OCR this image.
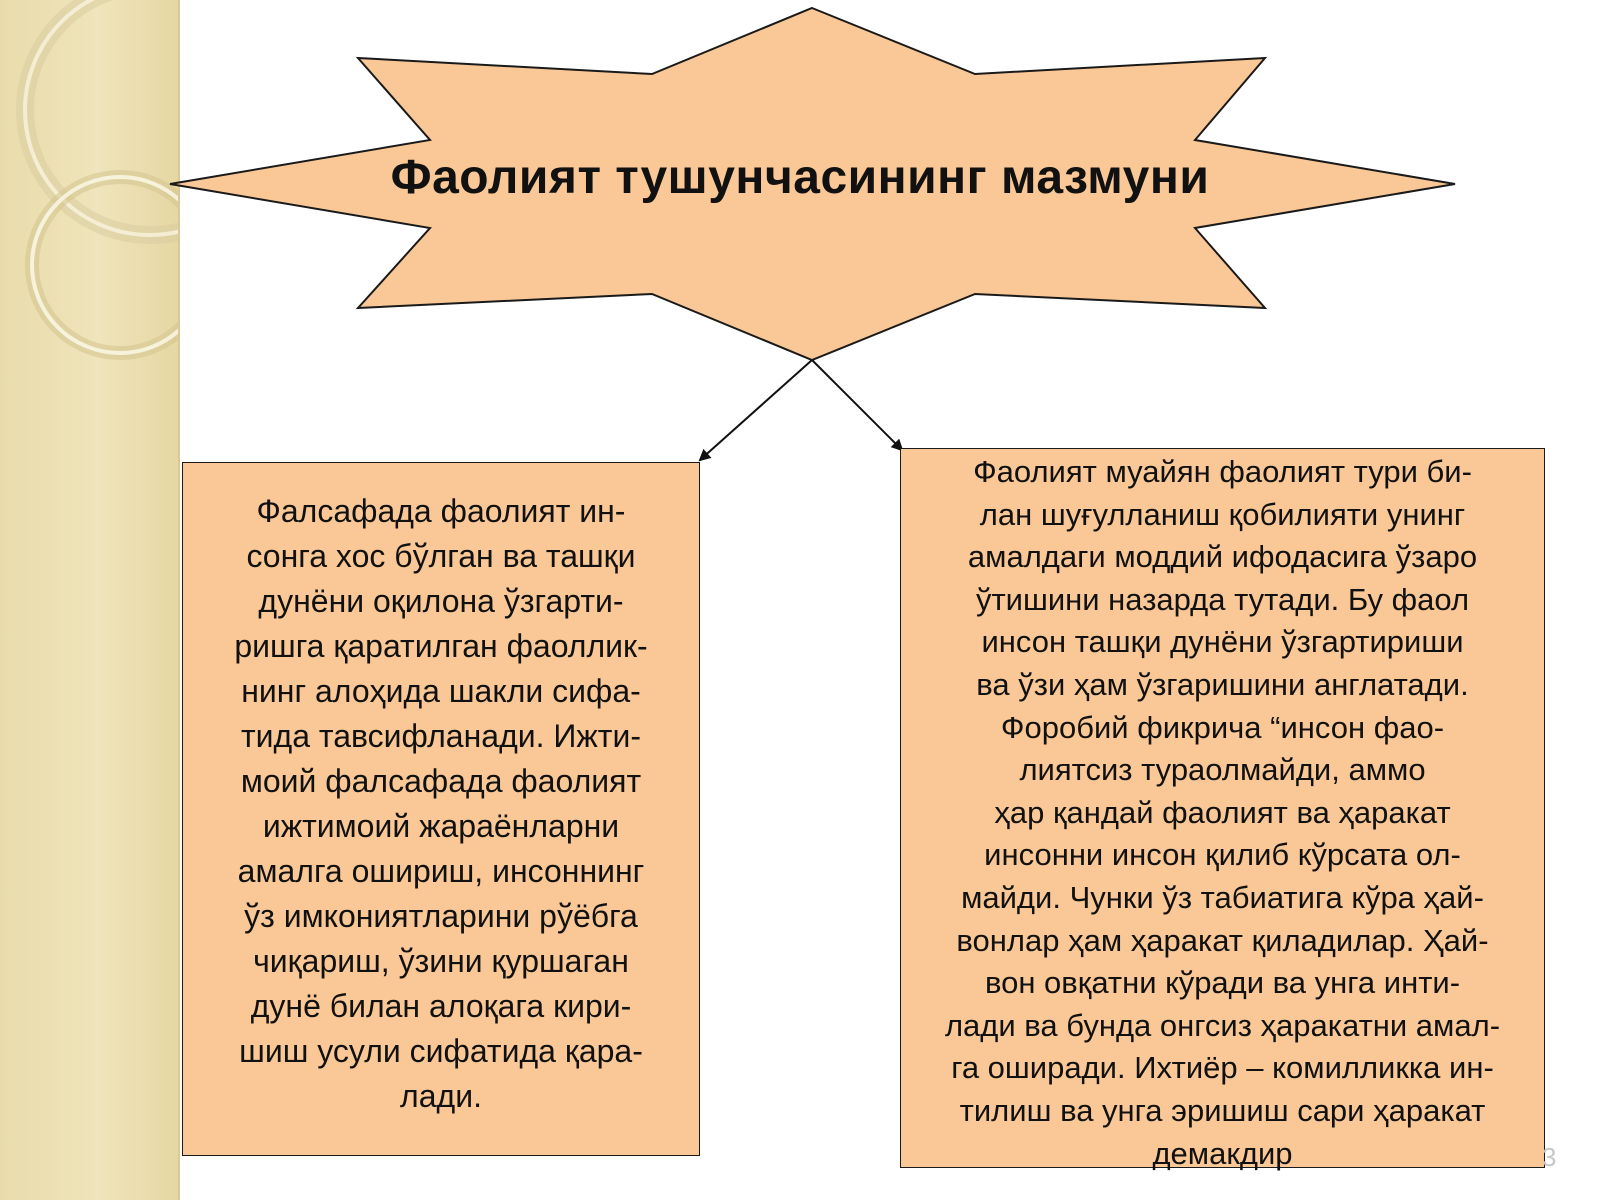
Фаолият тушунчасининг мазмуни
Фалсафада фаолият ин-
сонга хос бўлган ва ташқи
дунёни оқилона ўзгарти-
ришга қаратилган фаоллик-
нинг алоҳида шакли сифа-
тида тавсифланади. Ижти-
моий фалсафада фаолият
ижтимоий жараёнларни
амалга ошириш, инсоннинг
ўз имкониятларини рўёбга
чиқариш, ўзини қуршаган
дунё билан алоқага кири-
шиш усули сифатида қара-
лади.
Фаолият муайян фаолият тури би-
лан шуғулланиш қобилияти унинг
амалдаги моддий ифодасига ўзаро
ўтишини назарда тутади. Бу фаол
инсон ташқи дунёни ўзгартириши
ва ўзи ҳам ўзгаришини англатади.
Форобий фикрича “инсон фао-
лиятсиз тураолмайди, аммо
ҳар қандай фаолият ва ҳаракат
инсонни инсон қилиб кўрсата ол-
майди. Чунки ўз табиатига кўра ҳай-
вонлар ҳам ҳаракат қиладилар. Ҳай-
вон овқатни кўради ва унга инти-
лади ва бунда онгсиз ҳаракатни амал-
га оширади. Ихтиёр – комилликка ин-
тилиш ва унга эришиш сари ҳаракат
демакдир	3
